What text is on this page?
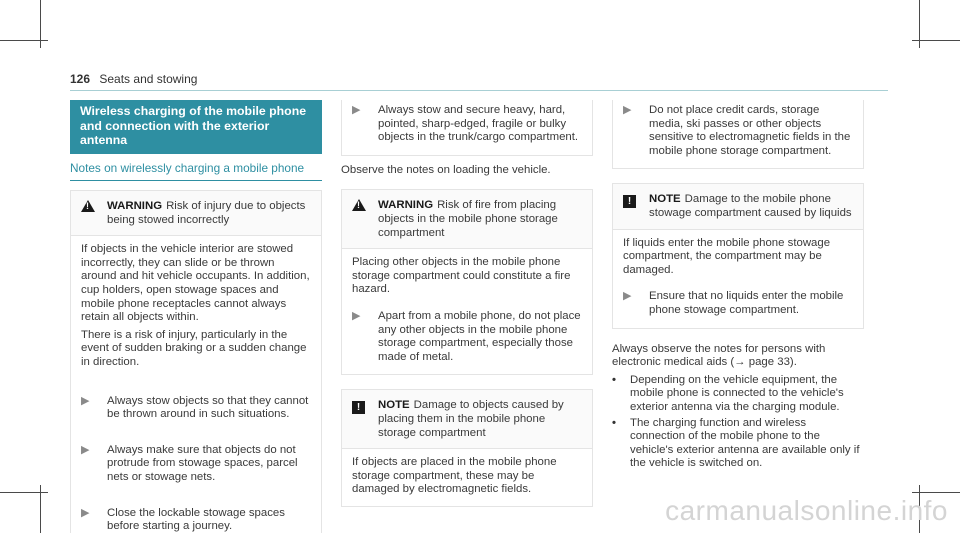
126 Seats and stowing
Wireless charging of the mobile phone and connection with the exterior antenna
Notes on wirelessly charging a mobile phone
!
WARNING Risk of injury due to objects being stowed incorrectly

If objects in the vehicle interior are stowed incorrectly, they can slide or be thrown around and hit vehicle occupants. In addition, cup holders, open stowage spaces and mobile phone receptacles cannot always retain all objects within.

There is a risk of injury, particularly in the event of sudden braking or a sudden change in direction.

▶	Always stow objects so that they cannot be thrown around in such situations.
▶	Always make sure that objects do not protrude from stowage spaces, parcel nets or stowage nets.
▶	Close the lockable stowage spaces before starting a journey.
▶	Always stow and secure heavy, hard, pointed, sharp-edged, fragile or bulky objects in the trunk/cargo compartment.
Observe the notes on loading the vehicle.
!
WARNING Risk of fire from placing objects in the mobile phone storage compartment
Placing other objects in the mobile phone storage compartment could constitute a fire hazard.
▶	Apart from a mobile phone, do not place any other objects in the mobile phone storage compartment, especially those made of metal.
!	NOTE Damage to objects caused by placing them in the mobile phone storage compartment
If objects are placed in the mobile phone storage compartment, these may be damaged by electromagnetic fields.
▶	Do not place credit cards, storage media, ski passes or other objects sensitive to electromagnetic fields in the mobile phone storage compartment.
!	NOTE Damage to the mobile phone stowage compartment caused by liquids
If liquids enter the mobile phone stowage compartment, the compartment may be damaged.
▶	Ensure that no liquids enter the mobile phone stowage compartment.
Always observe the notes for persons with electronic medical aids (→ page 33).
•	Depending on the vehicle equipment, the mobile phone is connected to the vehicle's exterior antenna via the charging module.
•	The charging function and wireless connection of the mobile phone to the vehicle's exterior antenna are available only if the vehicle is switched on.
carmanualsonline.info
